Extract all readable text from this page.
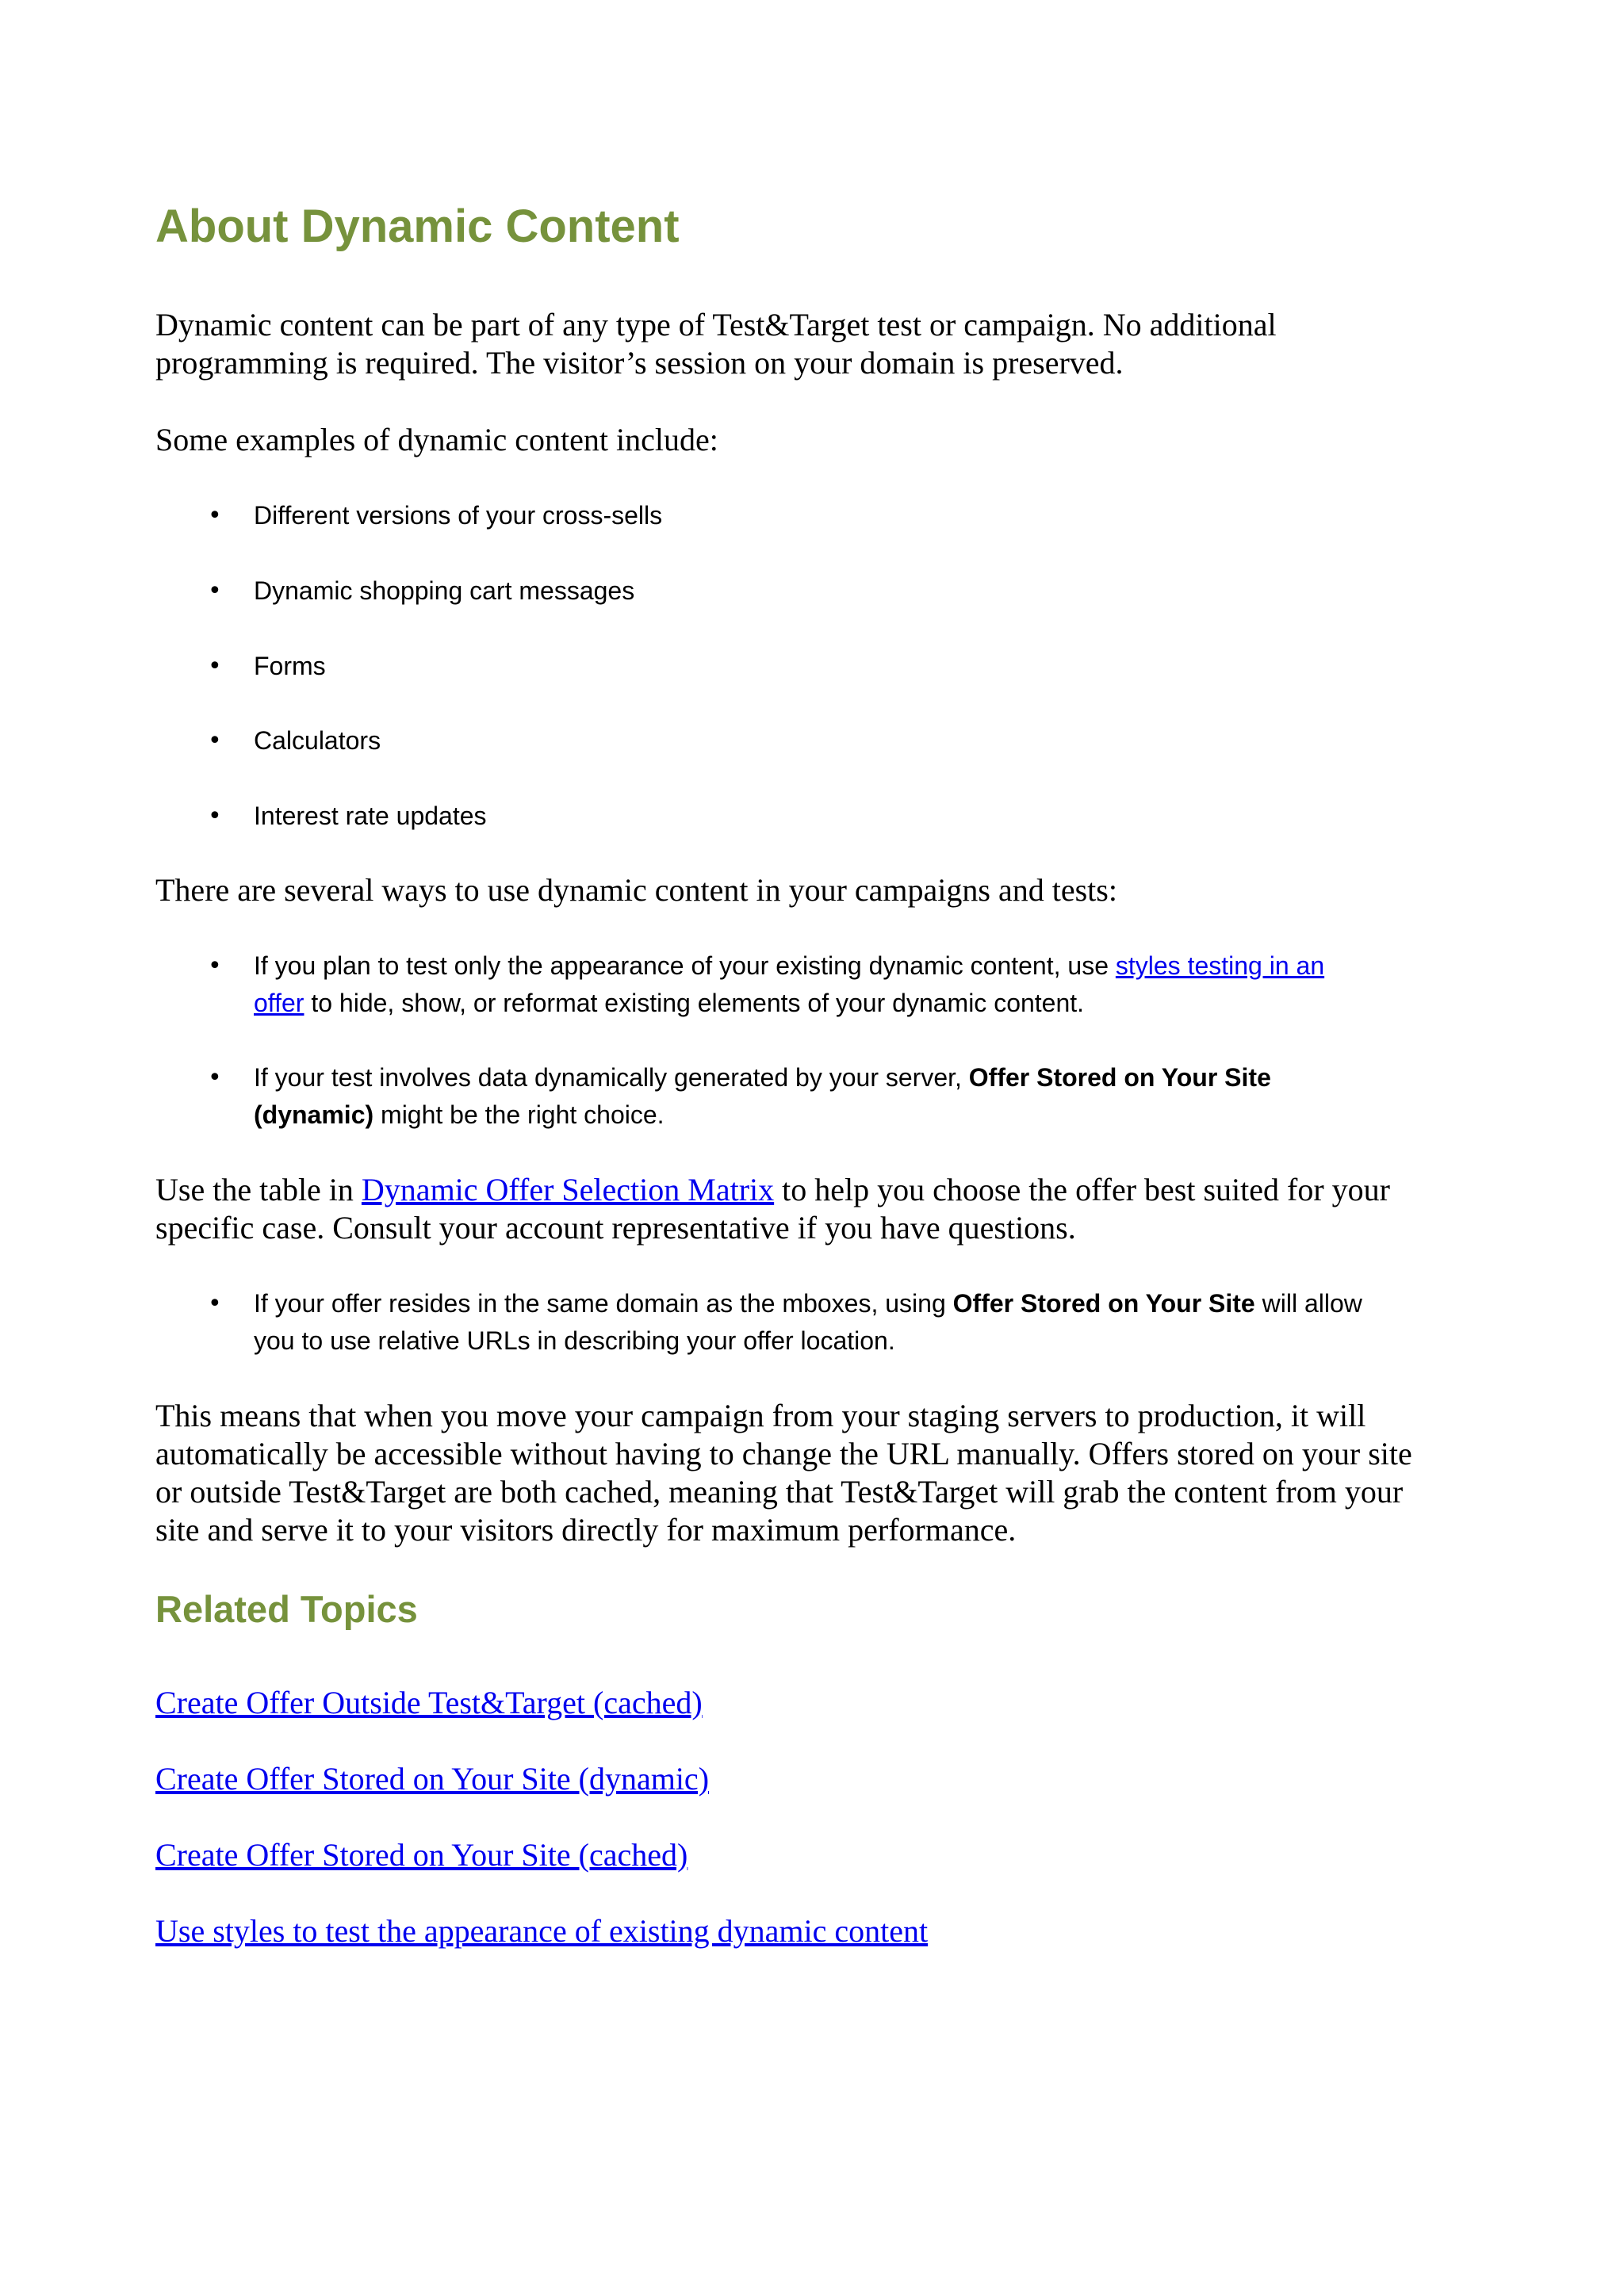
About Dynamic Content

Dynamic content can be part of any type of Test&Target test or campaign. No additional
programming is required. The visitor’s session on your domain is preserved.

Some examples of dynamic content include:

• Different versions of your cross-sells
• Dynamic shopping cart messages
• Forms
• Calculators
• Interest rate updates

There are several ways to use dynamic content in your campaigns and tests:

• If you plan to test only the appearance of your existing dynamic content, use styles testing in an
offer to hide, show, or reformat existing elements of your dynamic content.
• If your test involves data dynamically generated by your server, Offer Stored on Your Site
(dynamic) might be the right choice.

Use the table in Dynamic Offer Selection Matrix to help you choose the offer best suited for your
specific case. Consult your account representative if you have questions.

• If your offer resides in the same domain as the mboxes, using Offer Stored on Your Site will allow
you to use relative URLs in describing your offer location.

This means that when you move your campaign from your staging servers to production, it will
automatically be accessible without having to change the URL manually. Offers stored on your site
or outside Test&Target are both cached, meaning that Test&Target will grab the content from your
site and serve it to your visitors directly for maximum performance.

Related Topics
Create Offer Outside Test&Target (cached)
Create Offer Stored on Your Site (dynamic)
Create Offer Stored on Your Site (cached)
Use styles to test the appearance of existing dynamic content
